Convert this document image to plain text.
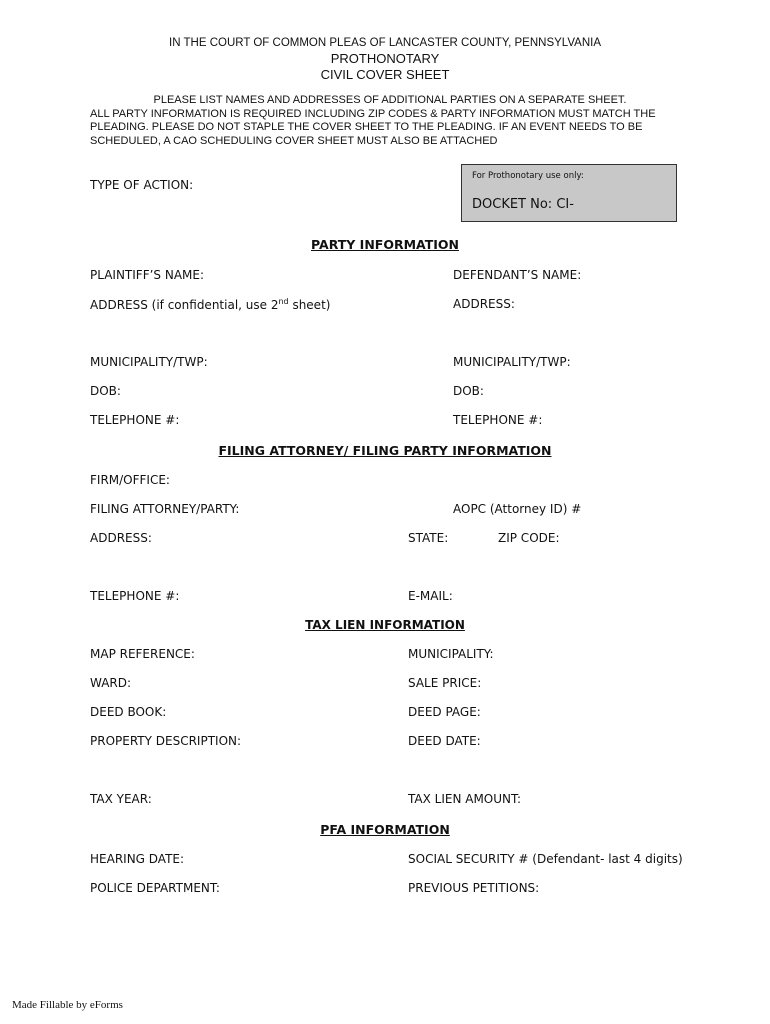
IN THE COURT OF COMMON PLEAS OF LANCASTER COUNTY, PENNSYLVANIA
PROTHONOTARY
CIVIL COVER SHEET
PLEASE LIST NAMES AND ADDRESSES OF ADDITIONAL PARTIES ON A SEPARATE SHEET.
ALL PARTY INFORMATION IS REQUIRED INCLUDING ZIP CODES & PARTY INFORMATION MUST MATCH THE PLEADING. PLEASE DO NOT STAPLE THE COVER SHEET TO THE PLEADING. IF AN EVENT NEEDS TO BE SCHEDULED, A CAO SCHEDULING COVER SHEET MUST ALSO BE ATTACHED
TYPE OF ACTION:
For Prothonotary use only:
DOCKET No: CI-
PARTY INFORMATION
PLAINTIFF’S NAME:	DEFENDANT’S NAME:
ADDRESS (if confidential, use 2nd sheet)	ADDRESS:
MUNICIPALITY/TWP:	MUNICIPALITY/TWP:
DOB:	DOB:
TELEPHONE #:	TELEPHONE #:
FILING ATTORNEY/ FILING PARTY INFORMATION
FIRM/OFFICE:
FILING ATTORNEY/PARTY:	AOPC (Attorney ID) #
ADDRESS:	STATE:	ZIP CODE:
TELEPHONE #:	E-MAIL:
TAX LIEN INFORMATION
MAP REFERENCE:	MUNICIPALITY:
WARD:	SALE PRICE:
DEED BOOK:	DEED PAGE:
PROPERTY DESCRIPTION:	DEED DATE:
TAX YEAR:	TAX LIEN AMOUNT:
PFA INFORMATION
HEARING DATE:	SOCIAL SECURITY # (Defendant- last 4 digits)
POLICE DEPARTMENT:	PREVIOUS PETITIONS:
Made Fillable by eForms
